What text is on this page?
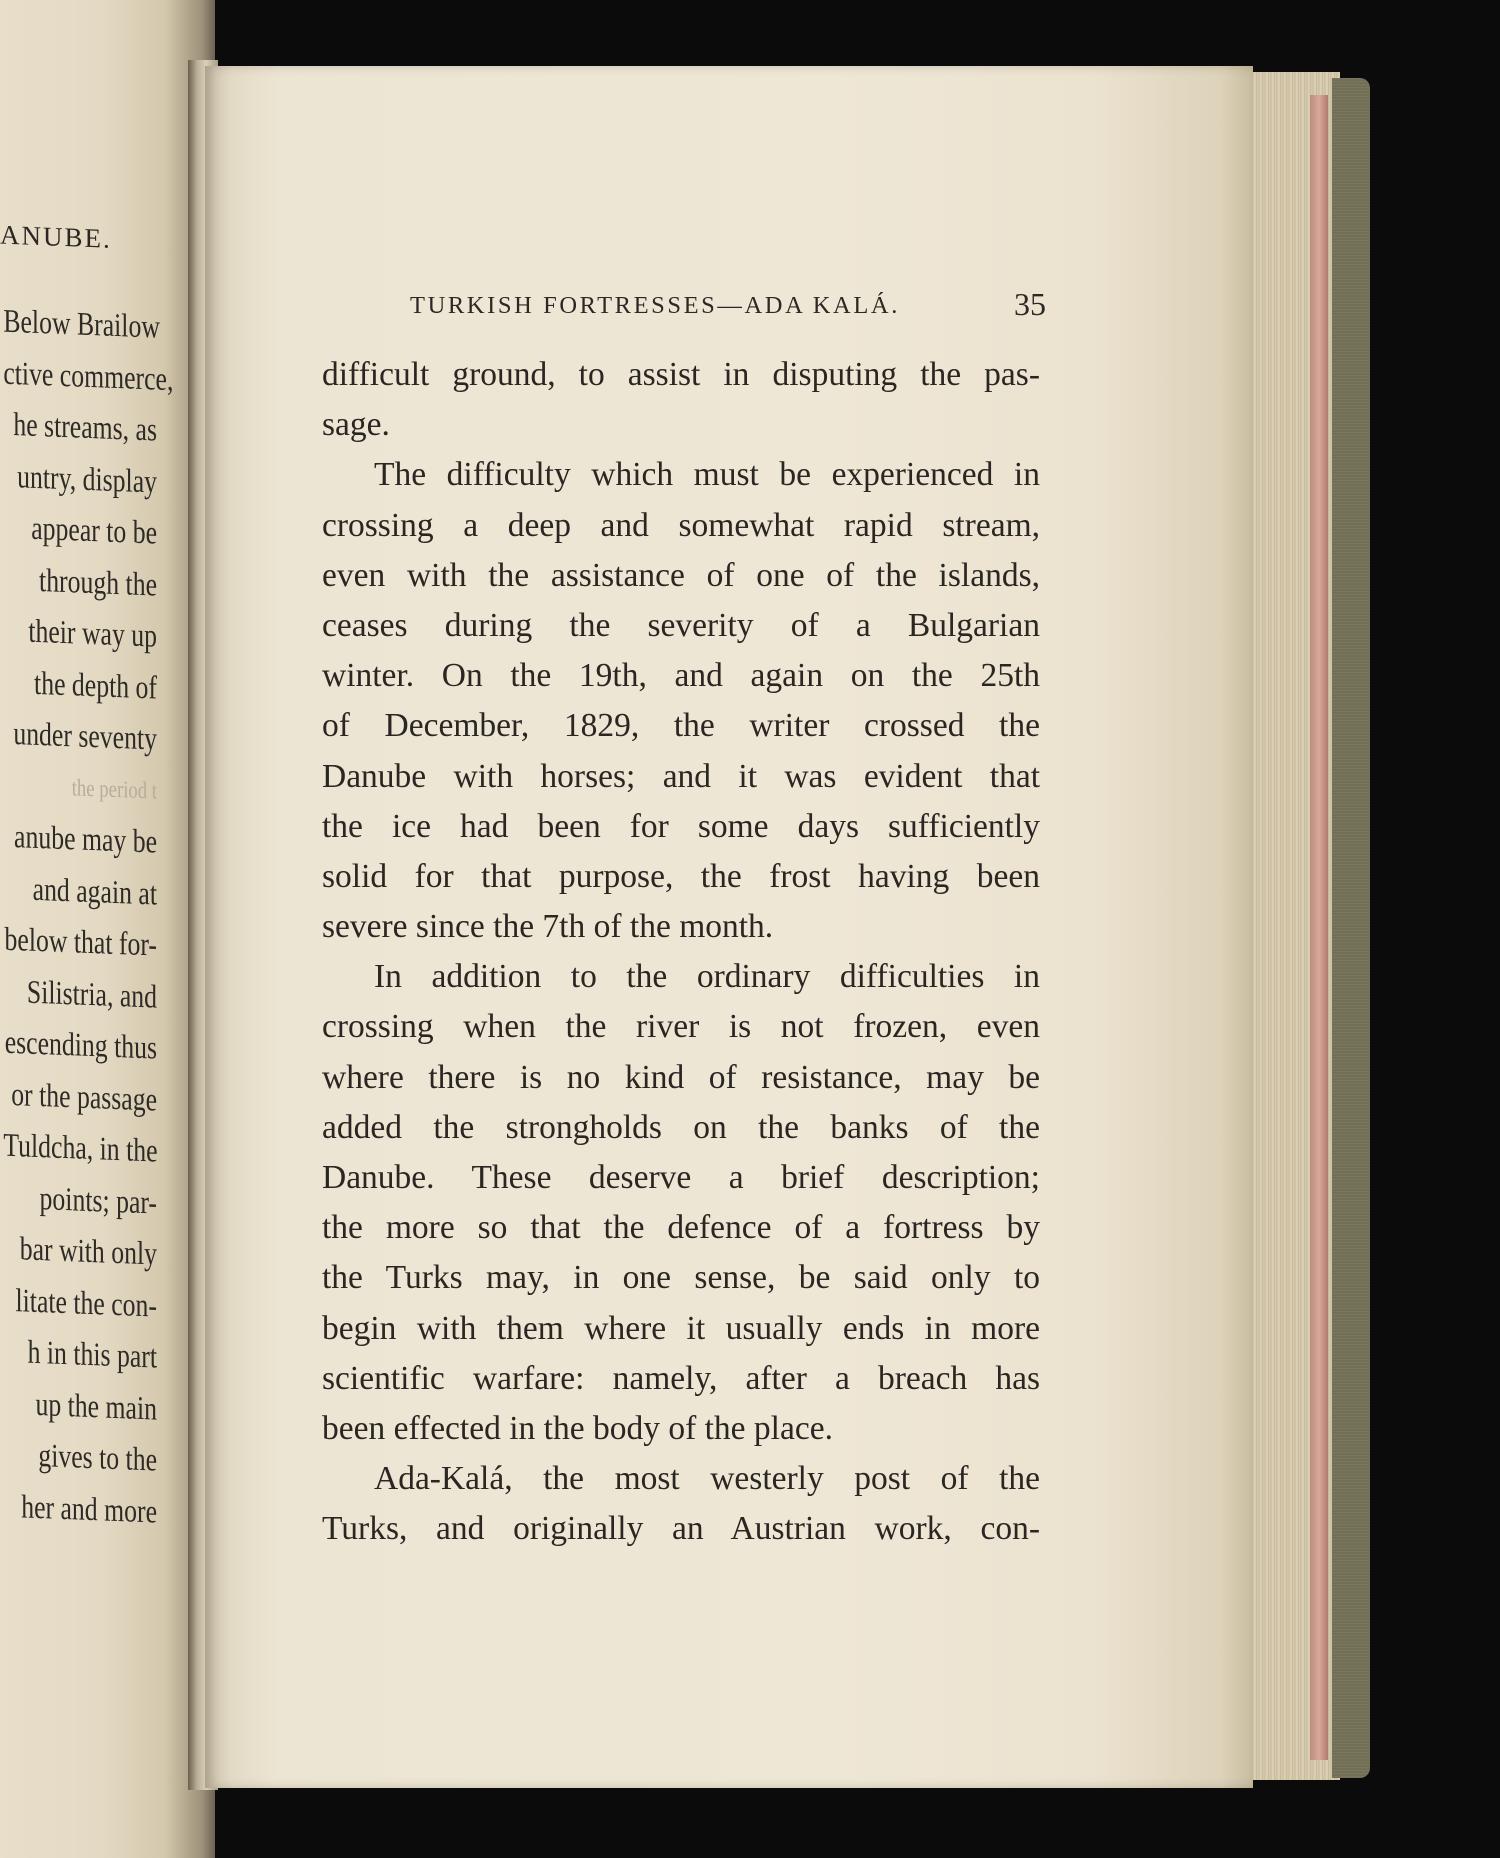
ANUBE.
Below Brailow
ctive commerce,
he streams, as
untry, display
appear to be
through the
their way up
the depth of
under seventy
the period t
anube may be
and again at
below that for-
Silistria, and
escending thus
or the passage
Tuldcha, in the
points; par-
bar with only
litate the con-
h in this part
up the main
gives to the
her and more
TURKISH FORTRESSES—ADA KALÁ.	35
difficult ground, to assist in disputing the pas-
sage.
The difficulty which must be experienced in
crossing a deep and somewhat rapid stream,
even with the assistance of one of the islands,
ceases during the severity of a Bulgarian
winter. On the 19th, and again on the 25th
of December, 1829, the writer crossed the
Danube with horses; and it was evident that
the ice had been for some days sufficiently
solid for that purpose, the frost having been
severe since the 7th of the month.
In addition to the ordinary difficulties in
crossing when the river is not frozen, even
where there is no kind of resistance, may be
added the strongholds on the banks of the
Danube. These deserve a brief description;
the more so that the defence of a fortress by
the Turks may, in one sense, be said only to
begin with them where it usually ends in more
scientific warfare: namely, after a breach has
been effected in the body of the place.
Ada-Kalá, the most westerly post of the
Turks, and originally an Austrian work, con-
